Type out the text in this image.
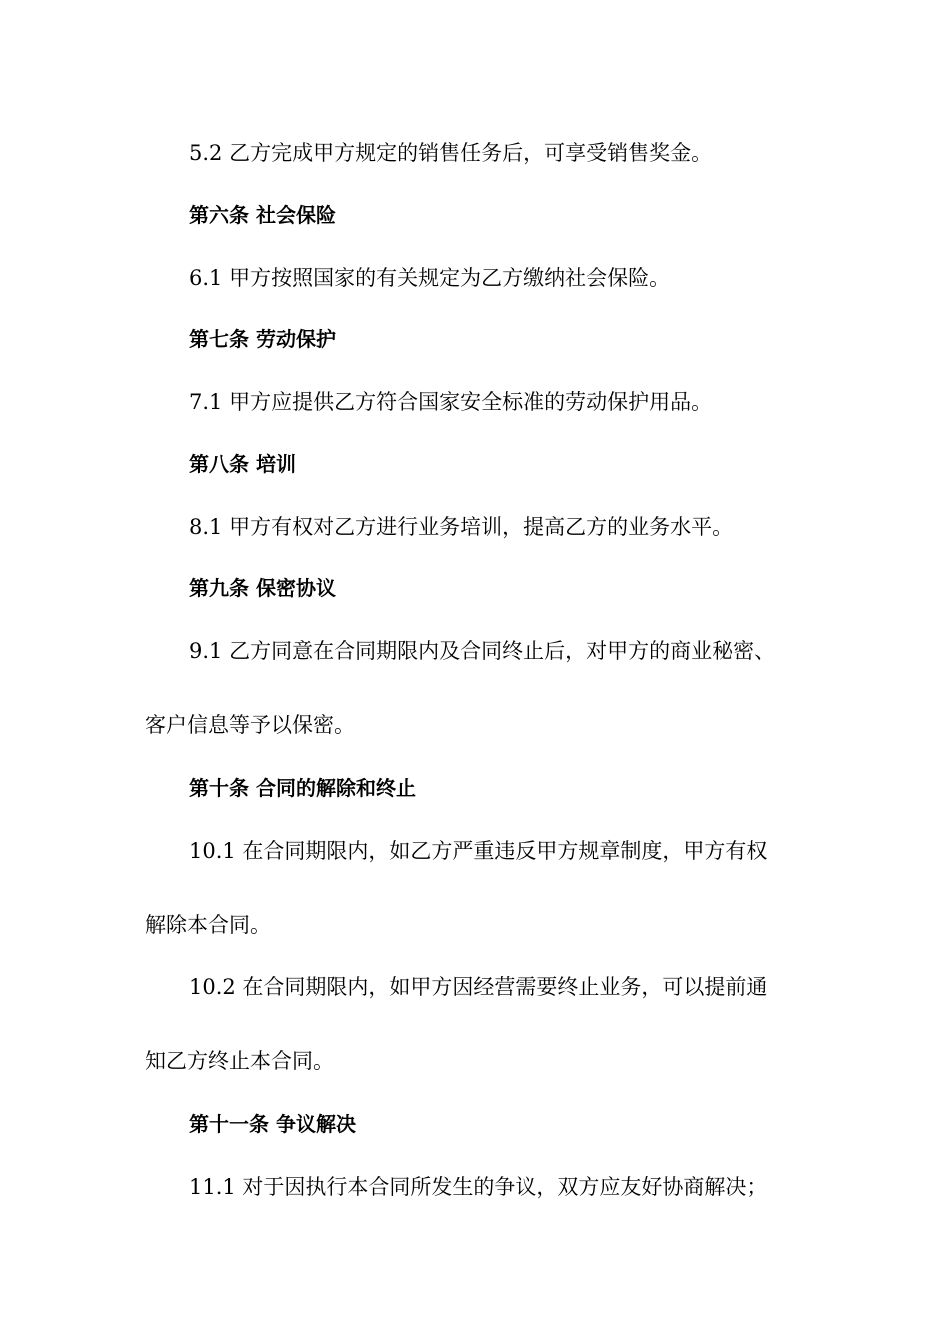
5.2 乙方完成甲方规定的销售任务后，可享受销售奖金。
第六条 社会保险
6.1 甲方按照国家的有关规定为乙方缴纳社会保险。
第七条 劳动保护
7.1 甲方应提供乙方符合国家安全标准的劳动保护用品。
第八条 培训
8.1 甲方有权对乙方进行业务培训，提高乙方的业务水平。
第九条 保密协议
9.1 乙方同意在合同期限内及合同终止后，对甲方的商业秘密、
客户信息等予以保密。
第十条 合同的解除和终止
10.1 在合同期限内，如乙方严重违反甲方规章制度，甲方有权
解除本合同。
10.2 在合同期限内，如甲方因经营需要终止业务，可以提前通
知乙方终止本合同。
第十一条 争议解决
11.1 对于因执行本合同所发生的争议，双方应友好协商解决；
